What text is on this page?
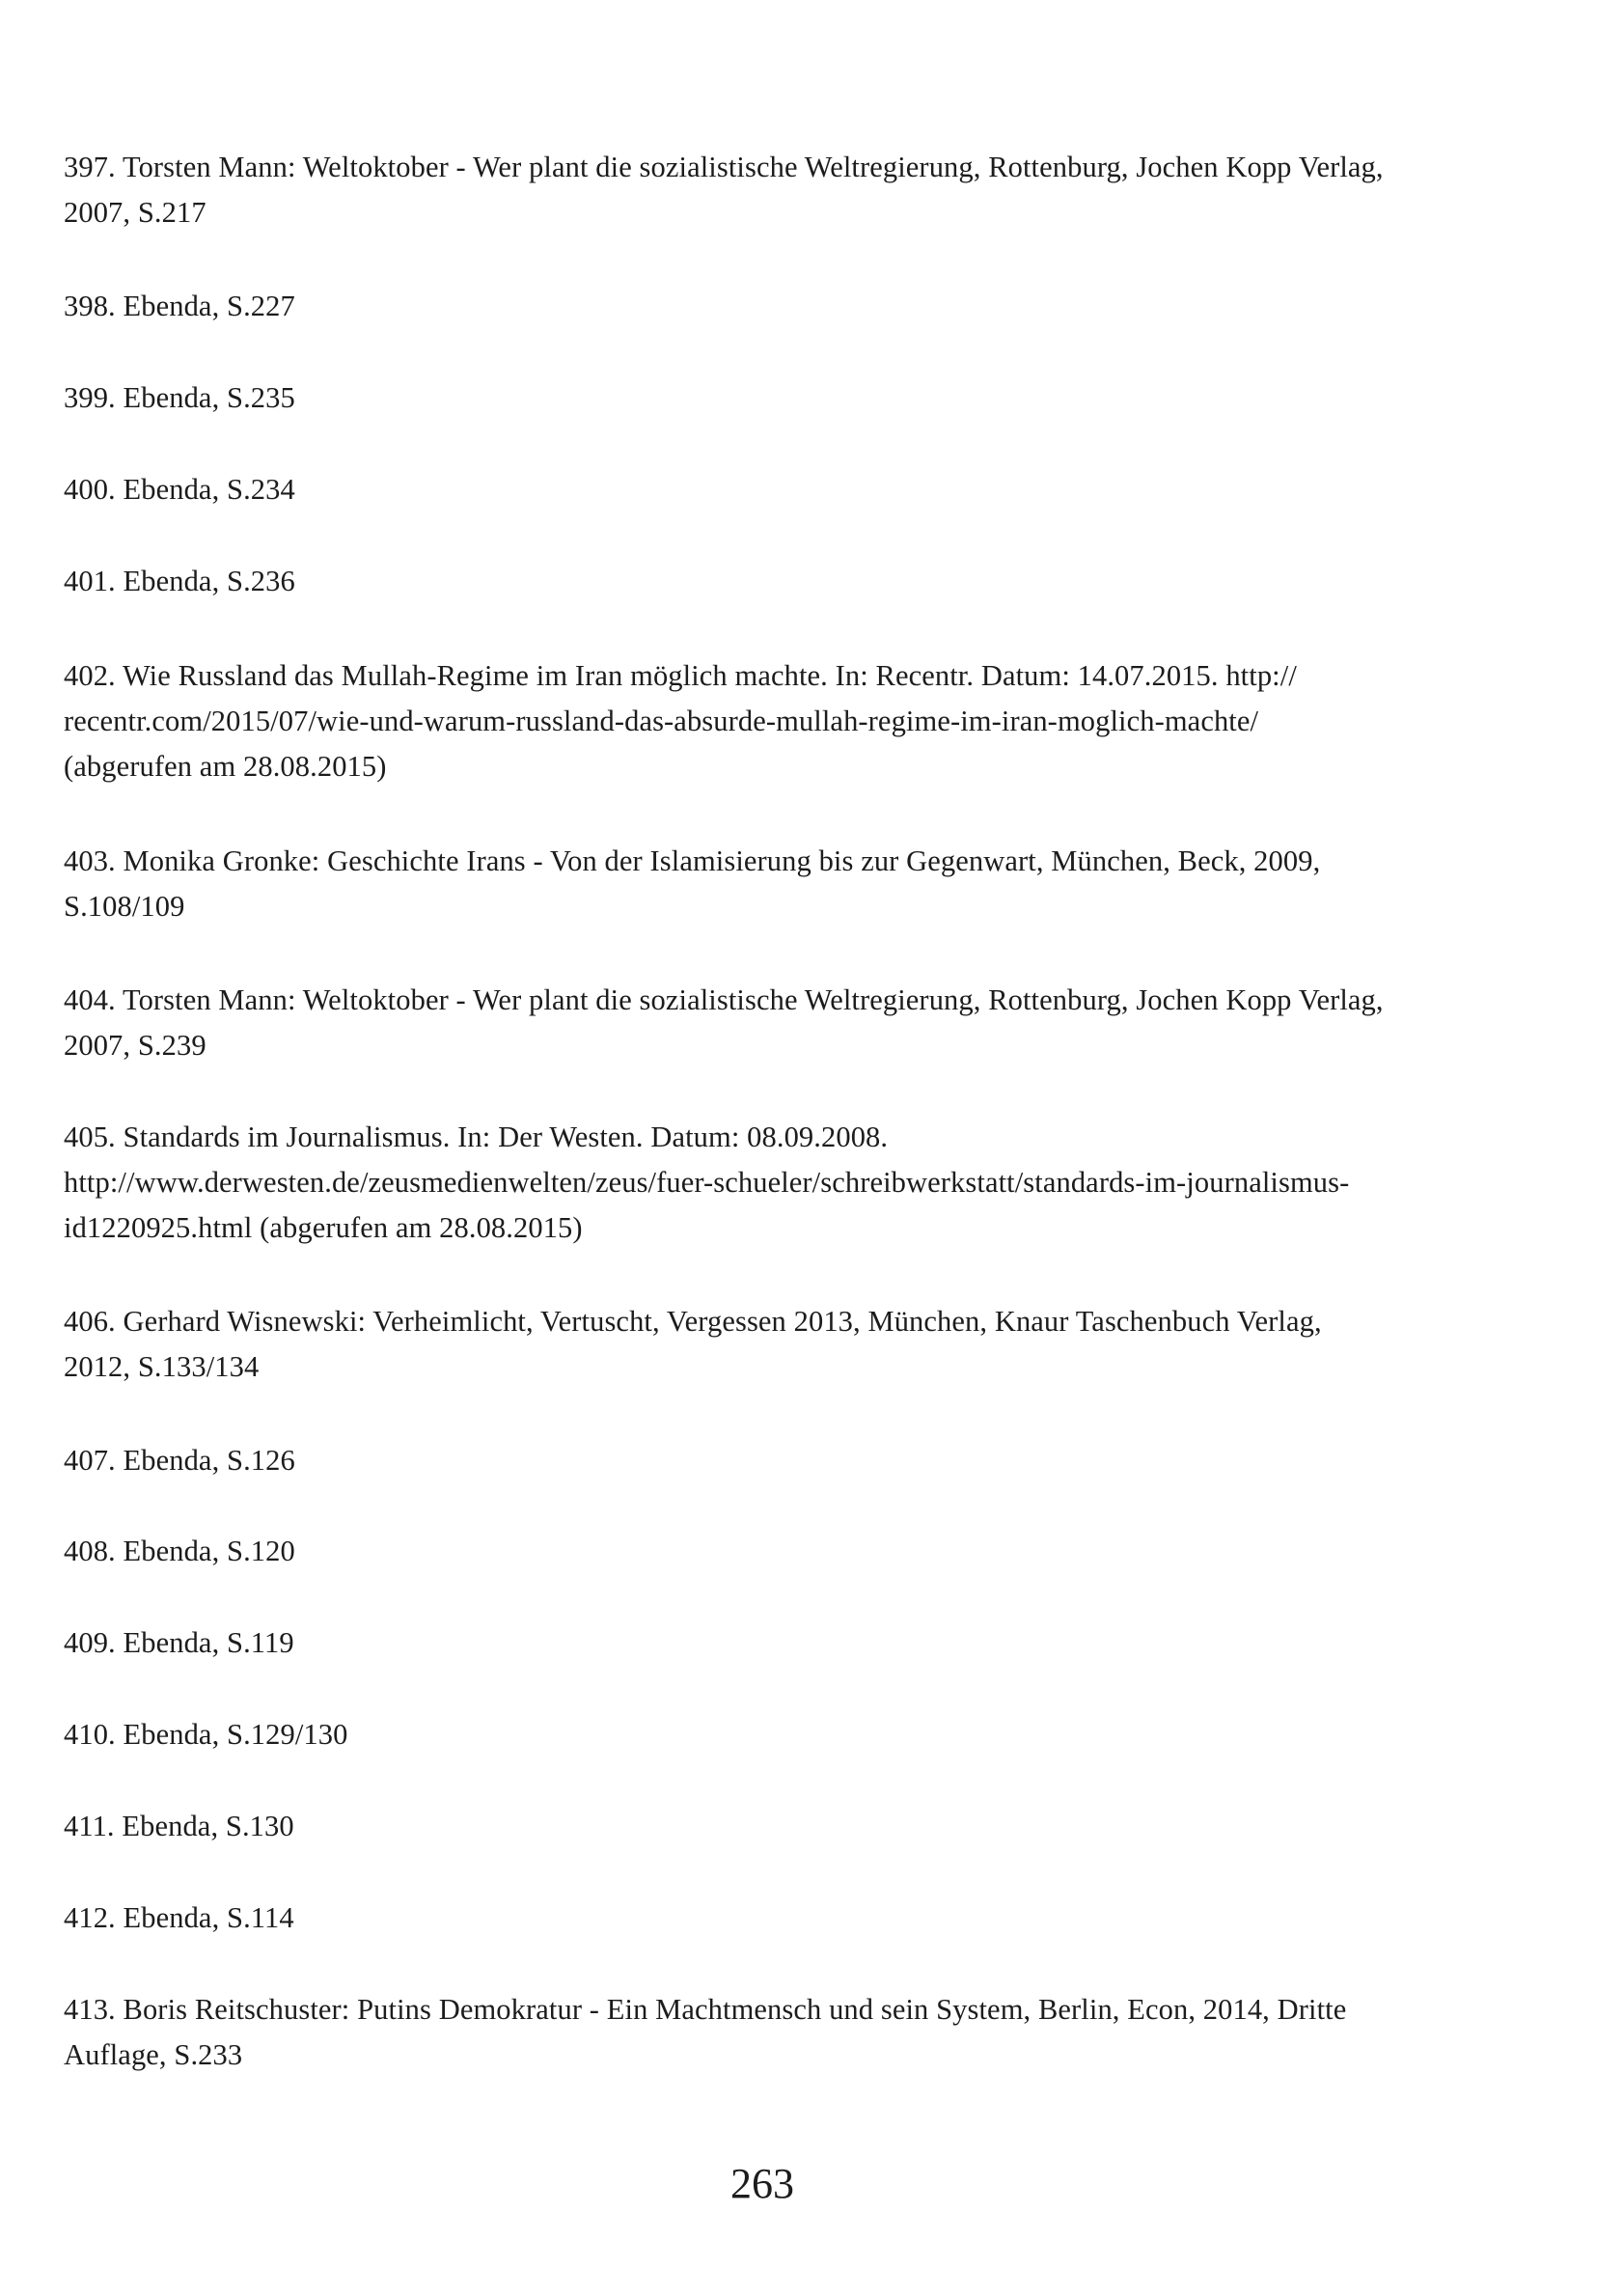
397. Torsten Mann: Weltoktober - Wer plant die sozialistische Weltregierung, Rottenburg, Jochen Kopp Verlag,
2007, S.217

398. Ebenda, S.227

399. Ebenda, S.235

400. Ebenda, S.234

401. Ebenda, S.236

402. Wie Russland das Mullah-Regime im Iran möglich machte. In: Recentr. Datum: 14.07.2015. http://
recentr.com/2015/07/wie-und-warum-russland-das-absurde-mullah-regime-im-iran-moglich-machte/
(abgerufen am 28.08.2015)

403. Monika Gronke: Geschichte Irans - Von der Islamisierung bis zur Gegenwart, München, Beck, 2009,
S.108/109

404. Torsten Mann: Weltoktober - Wer plant die sozialistische Weltregierung, Rottenburg, Jochen Kopp Verlag,
2007, S.239

405. Standards im Journalismus. In: Der Westen. Datum: 08.09.2008.
http://www.derwesten.de/zeusmedienwelten/zeus/fuer-schueler/schreibwerkstatt/standards-im-journalismus-
id1220925.html (abgerufen am 28.08.2015)

406. Gerhard Wisnewski: Verheimlicht, Vertuscht, Vergessen 2013, München, Knaur Taschenbuch Verlag,
2012, S.133/134

407. Ebenda, S.126

408. Ebenda, S.120

409. Ebenda, S.119

410. Ebenda, S.129/130

411. Ebenda, S.130

412. Ebenda, S.114

413. Boris Reitschuster: Putins Demokratur - Ein Machtmensch und sein System, Berlin, Econ, 2014, Dritte
Auflage, S.233

263
